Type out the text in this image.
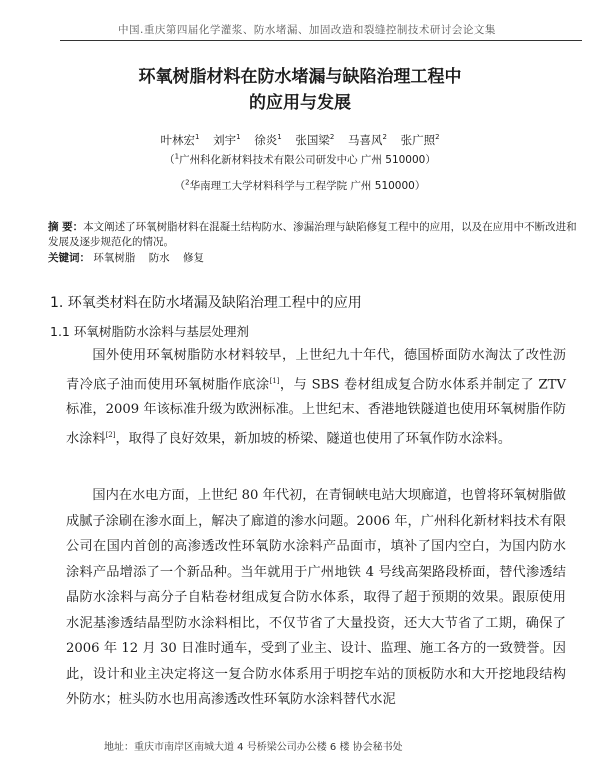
中国.重庆第四届化学灌浆、防水堵漏、加固改造和裂缝控制技术研讨会论文集
环氧树脂材料在防水堵漏与缺陷治理工程中
的应用与发展
叶林宏$^1$ 刘宇$^1$ 徐炎$^1$ 张国梁$^2$ 马喜风$^2$ 张广照$^2$
（$^1$广州科化新材料技术有限公司研发中心 广州 510000）
（$^2$华南理工大学材料科学与工程学院 广州 510000）
摘 要：本文阐述了环氧树脂材料在混凝土结构防水、渗漏治理与缺陷修复工程中的应用，以及在应用中不断改进和发展及逐步规范化的情况。
关键词： 环氧树脂 防水 修复
1. 环氧类材料在防水堵漏及缺陷治理工程中的应用
1.1 环氧树脂防水涂料与基层处理剂
国外使用环氧树脂防水材料较早，上世纪九十年代，德国桥面防水淘汰了改性沥青冷底子油而使用环氧树脂作底涂[1]，与 SBS 卷材组成复合防水体系并制定了 ZTV 标准，2009 年该标准升级为欧洲标准。上世纪末、香港地铁隧道也使用环氧树脂作防水涂料[2]，取得了良好效果，新加坡的桥梁、隧道也使用了环氧作防水涂料。
国内在水电方面，上世纪 80 年代初，在青铜峡电站大坝廊道，也曾将环氧树脂做成腻子涂刷在渗水面上，解决了廊道的渗水问题。2006 年，广州科化新材料技术有限公司在国内首创的高渗透改性环氧防水涂料产品面市，填补了国内空白，为国内防水涂料产品增添了一个新品种。当年就用于广州地铁 4 号线高架路段桥面，替代渗透结晶防水涂料与高分子自粘卷材组成复合防水体系，取得了超于预期的效果。跟原使用水泥基渗透结晶型防水涂料相比，不仅节省了大量投资，还大大节省了工期，确保了 2006 年 12 月 30 日准时通车，受到了业主、设计、监理、施工各方的一致赞誉。因此，设计和业主决定将这一复合防水体系用于明挖车站的顶板防水和大开挖地段结构外防水；桩头防水也用高渗透改性环氧防水涂料替代水泥
地址：重庆市南岸区南城大道 4 号桥梁公司办公楼 6 楼 协会秘书处
